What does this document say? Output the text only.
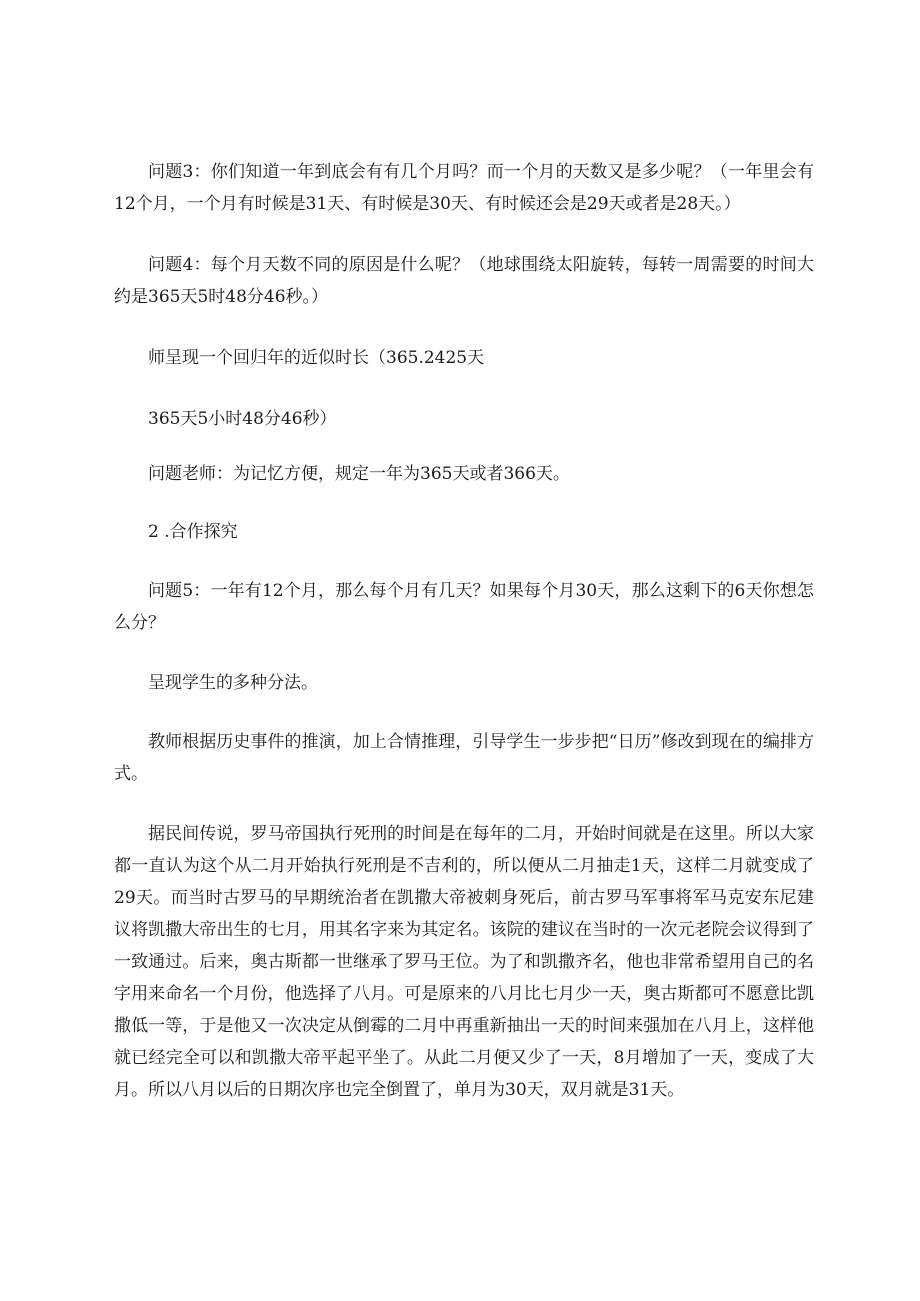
问题3：你们知道一年到底会有有几个月吗？而一个月的天数又是多少呢？（一年里会有12个月，一个月有时候是31天、有时候是30天、有时候还会是29天或者是28天。）

问题4：每个月天数不同的原因是什么呢？（地球围绕太阳旋转，每转一周需要的时间大约是365天5时48分46秒。）

师呈现一个回归年的近似时长（365.2425天

365天5小时48分46秒）

问题老师：为记忆方便，规定一年为365天或者366天。

2 .合作探究

问题5：一年有12个月，那么每个月有几天？如果每个月30天，那么这剩下的6天你想怎么分？

呈现学生的多种分法。

教师根据历史事件的推演，加上合情推理，引导学生一步步把“日历”修改到现在的编排方式。

据民间传说，罗马帝国执行死刑的时间是在每年的二月，开始时间就是在这里。所以大家都一直认为这个从二月开始执行死刑是不吉利的，所以便从二月抽走1天，这样二月就变成了29天。而当时古罗马的早期统治者在凯撒大帝被刺身死后，前古罗马军事将军马克安东尼建议将凯撒大帝出生的七月，用其名字来为其定名。该院的建议在当时的一次元老院会议得到了一致通过。后来，奥古斯都一世继承了罗马王位。为了和凯撒齐名，他也非常希望用自己的名字用来命名一个月份，他选择了八月。可是原来的八月比七月少一天，奥古斯都可不愿意比凯撒低一等，于是他又一次决定从倒霉的二月中再重新抽出一天的时间来强加在八月上，这样他就已经完全可以和凯撒大帝平起平坐了。从此二月便又少了一天，8月增加了一天，变成了大月。所以八月以后的日期次序也完全倒置了，单月为30天，双月就是31天。
